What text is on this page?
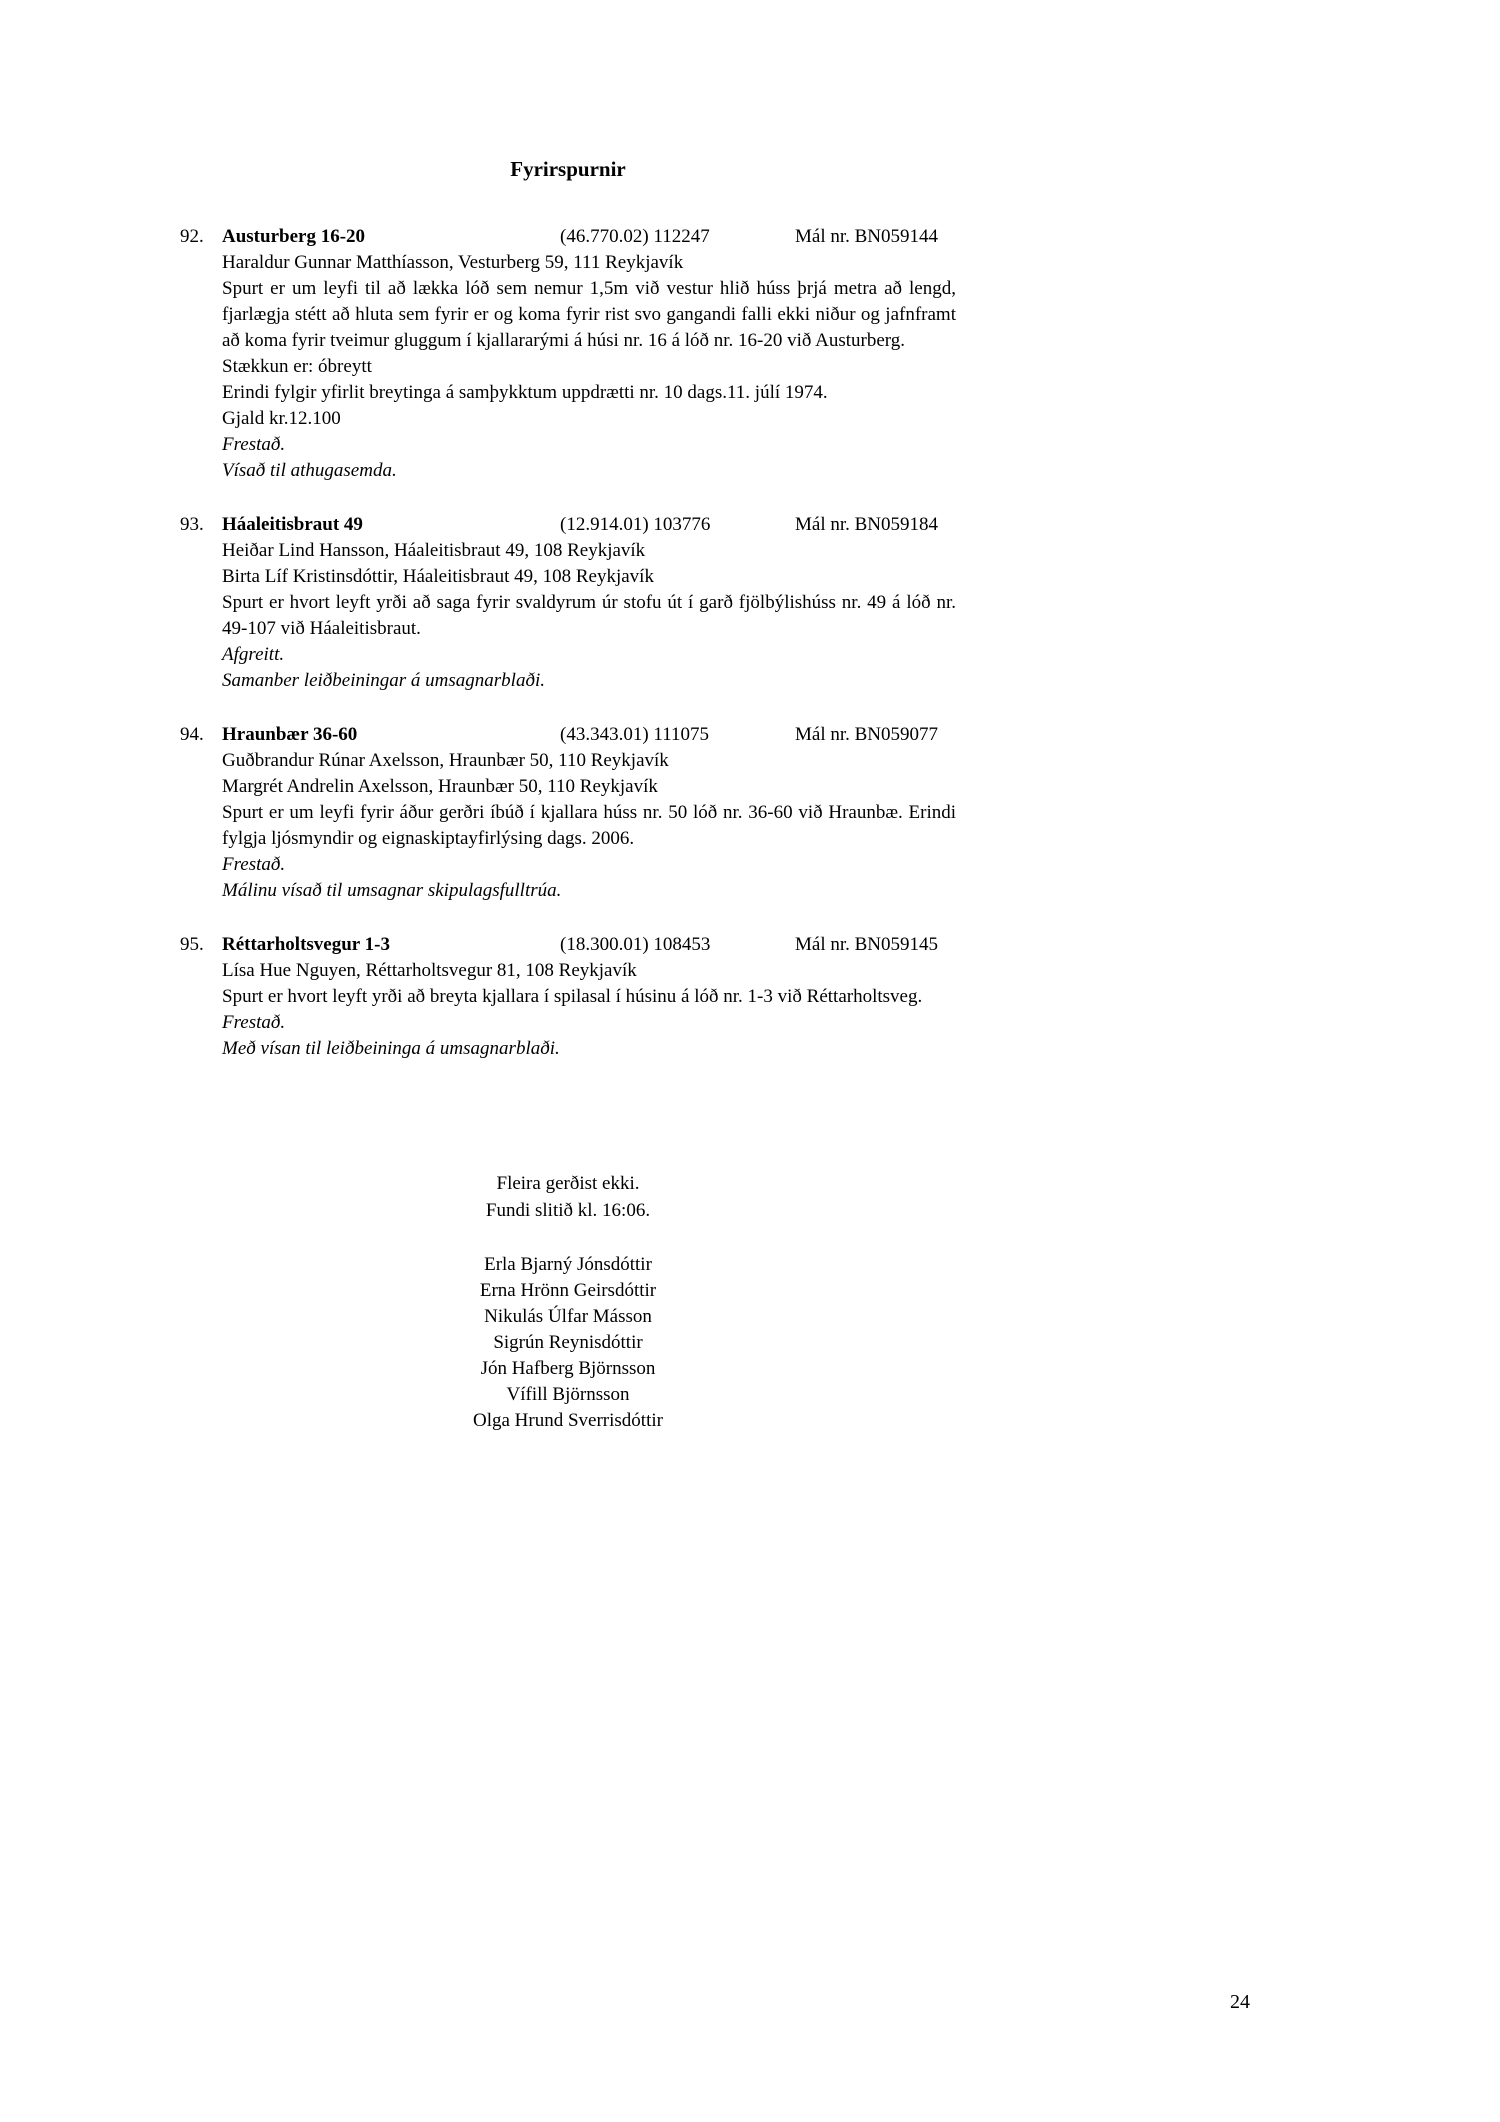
Fyrirspurnir
92. Austurberg 16-20	(46.770.02) 112247	Mál nr. BN059144

Haraldur Gunnar Matthíasson, Vesturberg 59, 111 Reykjavík

Spurt er um leyfi til að lækka lóð sem nemur 1,5m við vestur hlið húss þrjá metra að lengd, fjarlægja stétt að hluta sem fyrir er og koma fyrir rist svo gangandi falli ekki niður og jafnframt að koma fyrir tveimur gluggum í kjallararými á húsi nr. 16 á lóð nr. 16-20 við Austurberg.

Stækkun er: óbreytt

Erindi fylgir yfirlit breytinga á samþykktum uppdrætti nr. 10 dags.11. júlí 1974.

Gjald kr.12.100

Frestað.

Vísað til athugasemda.

93. Háaleitisbraut 49	(12.914.01) 103776	Mál nr. BN059184

Heiðar Lind Hansson, Háaleitisbraut 49, 108 Reykjavík

Birta Líf Kristinsdóttir, Háaleitisbraut 49, 108 Reykjavík

Spurt er hvort leyft yrði að saga fyrir svaldyrum úr stofu út í garð fjölbýlishúss nr. 49 á lóð nr. 49-107 við Háaleitisbraut.

Afgreitt.

Samanber leiðbeiningar á umsagnarblaði.

94. Hraunbær 36-60	(43.343.01) 111075	Mál nr. BN059077

Guðbrandur Rúnar Axelsson, Hraunbær 50, 110 Reykjavík

Margrét Andrelin Axelsson, Hraunbær 50, 110 Reykjavík

Spurt er um leyfi fyrir áður gerðri íbúð í kjallara húss nr. 50 lóð nr. 36-60 við Hraunbæ. Erindi fylgja ljósmyndir og eignaskiptayfirlýsing dags. 2006.

Frestað.

Málinu vísað til umsagnar skipulagsfulltrúa.

95. Réttarholtsvegur 1-3	(18.300.01) 108453	Mál nr. BN059145

Lísa Hue Nguyen, Réttarholtsvegur 81, 108 Reykjavík

Spurt er hvort leyft yrði að breyta kjallara í spilasal í húsinu á lóð nr. 1-3 við Réttarholtsveg.

Frestað.

Með vísan til leiðbeininga á umsagnarblaði.

Fleira gerðist ekki.

Fundi slitið kl. 16:06.

Erla Bjarný Jónsdóttir

Erna Hrönn Geirsdóttir

Nikulás Úlfar Másson

Sigrún Reynisdóttir

Jón Hafberg Björnsson

Vífill Björnsson

Olga Hrund Sverrisdóttir

24
